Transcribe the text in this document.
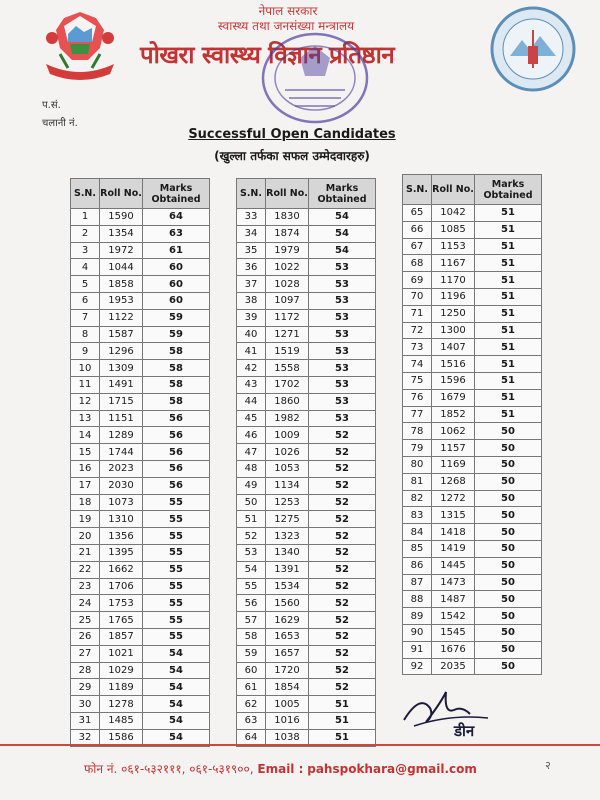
नेपाल सरकार
स्वास्थ्य तथा जनसंख्या मन्त्रालय
पोखरा स्वास्थ्य विज्ञान प्रतिष्ठान
प.सं.
चलानी नं.
Successful Open Candidates
(खुल्ला तर्फका सफल उम्मेदवारहरु)
S.N.	Roll No.	Marks Obtained
1	1590	64
2	1354	63
3	1972	61
4	1044	60
5	1858	60
6	1953	60
7	1122	59
8	1587	59
9	1296	58
10	1309	58
11	1491	58
12	1715	58
13	1151	56
14	1289	56
15	1744	56
16	2023	56
17	2030	56
18	1073	55
19	1310	55
20	1356	55
21	1395	55
22	1662	55
23	1706	55
24	1753	55
25	1765	55
26	1857	55
27	1021	54
28	1029	54
29	1189	54
30	1278	54
31	1485	54
32	1586	54
S.N.	Roll No.	Marks Obtained
33	1830	54
34	1874	54
35	1979	54
36	1022	53
37	1028	53
38	1097	53
39	1172	53
40	1271	53
41	1519	53
42	1558	53
43	1702	53
44	1860	53
45	1982	53
46	1009	52
47	1026	52
48	1053	52
49	1134	52
50	1253	52
51	1275	52
52	1323	52
53	1340	52
54	1391	52
55	1534	52
56	1560	52
57	1629	52
58	1653	52
59	1657	52
60	1720	52
61	1854	52
62	1005	51
63	1016	51
64	1038	51
S.N.	Roll No.	Marks Obtained
65	1042	51
66	1085	51
67	1153	51
68	1167	51
69	1170	51
70	1196	51
71	1250	51
72	1300	51
73	1407	51
74	1516	51
75	1596	51
76	1679	51
77	1852	51
78	1062	50
79	1157	50
80	1169	50
81	1268	50
82	1272	50
83	1315	50
84	1418	50
85	1419	50
86	1445	50
87	1473	50
88	1487	50
89	1542	50
90	1545	50
91	1676	50
92	2035	50
डीन
फोन नं. ०६१-५३२१११, ०६१-५३१९००, Email : pahspokhara@gmail.com	२
